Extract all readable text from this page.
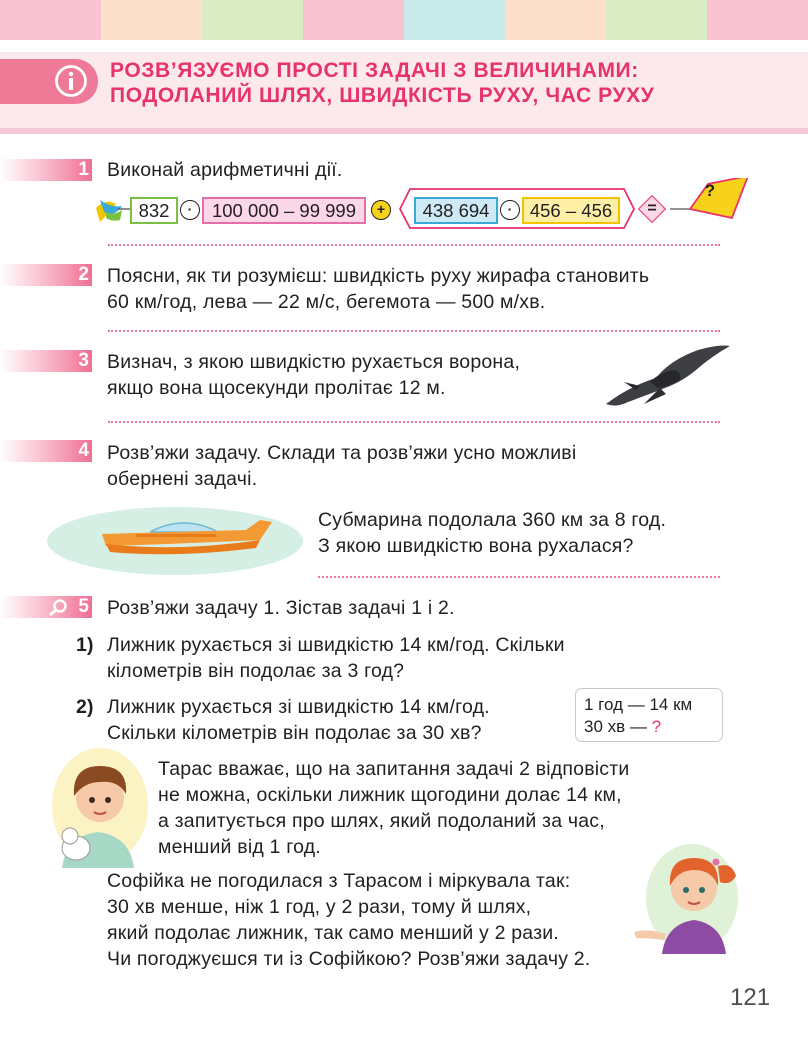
РОЗВ’ЯЗУЄМО ПРОСТІ ЗАДАЧІ З ВЕЛИЧИНАМИ:
ПОДОЛАНИЙ ШЛЯХ, ШВИДКІСТЬ РУХУ, ЧАС РУХУ
1 Виконай арифметичні дії.
832	·	100 000 – 99 999	+	438 694	· 456 – 456	=
?
2 Поясни, як ти розумієш: швидкість руху жирафа становить
60 км/год, лева — 22 м/с, бегемота — 500 м/хв.
3 Визнач, з якою швидкістю рухається ворона,
якщо вона щосекунди пролітає 12 м.
4 Розв’яжи задачу. Склади та розв’яжи усно можливі
обернені задачі.
Субмарина подолала 360 км за 8 год.
З якою швидкістю вона рухалася?
5 Розв’яжи задачу 1. Зістав задачі 1 і 2.
1) Лижник рухається зі швидкістю 14 км/год. Скільки
кілометрів він подолає за 3 год?
2) Лижник рухається зі швидкістю 14 км/год.
Скільки кілометрів він подолає за 30 хв?
1 год — 14 км
30 хв — ?
Тарас вважає, що на запитання задачі 2 відповісти
не можна, оскільки лижник щогодини долає 14 км,
а запитується про шлях, який подоланий за час,
менший від 1 год.
Софійка не погодилася з Тарасом і міркувала так:
30 хв менше, ніж 1 год, у 2 рази, тому й шлях,
який подолає лижник, так само менший у 2 рази.
Чи погоджуєшся ти із Софійкою? Розв’яжи задачу 2.
121
